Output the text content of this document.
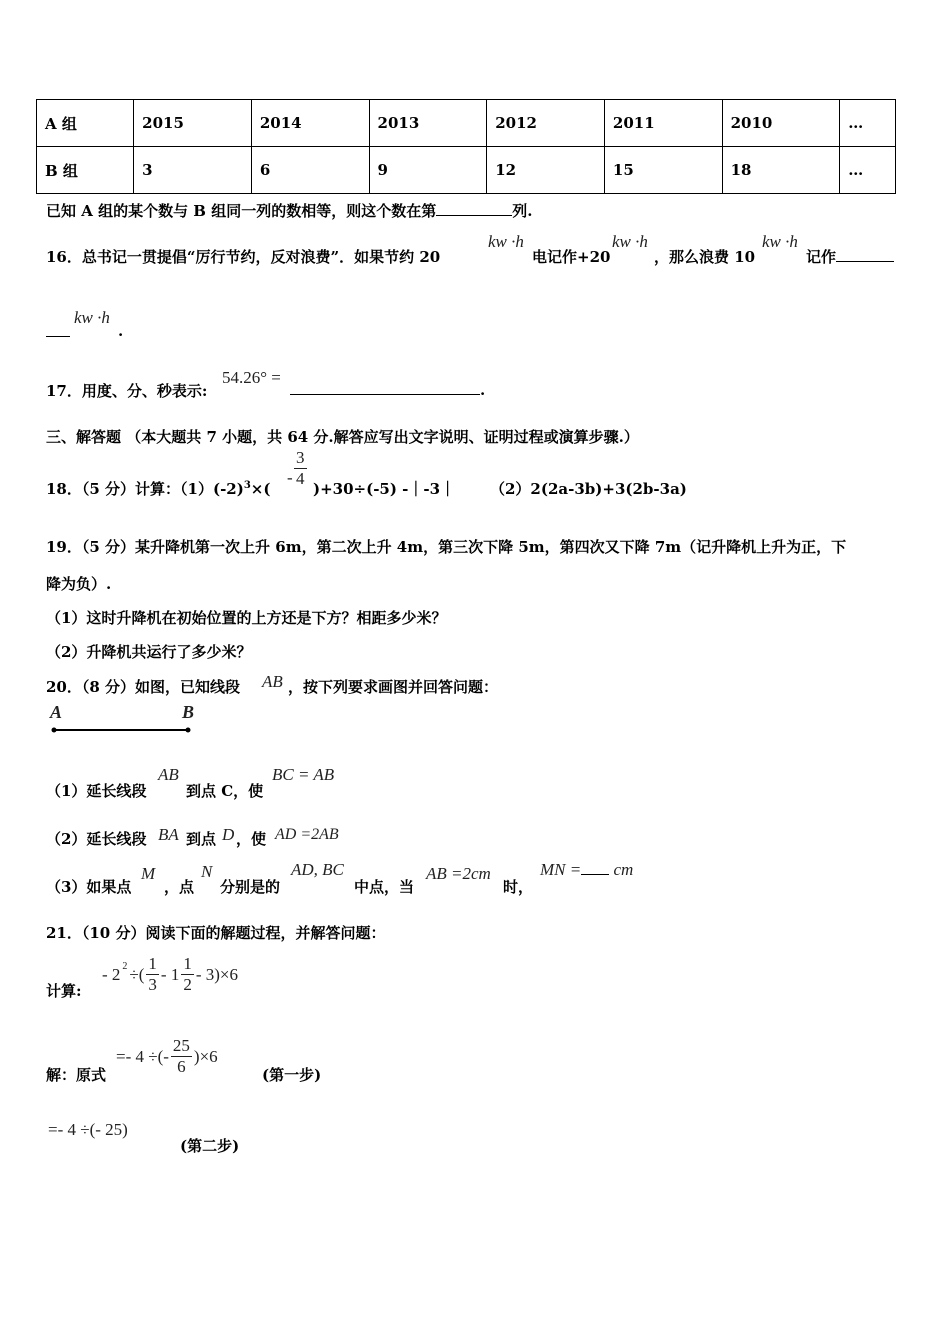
A 组	2015	2014	2013	2012	2011	2010	…
B 组	3	6	9	12	15	18	…
已知 A 组的某个数与 B 组同一列的数相等，则这个数在第	列.
16．总书记一贯提倡“厉行节约，反对浪费”．如果节约 20
kw ·h
电记作+20
kw ·h
，那么浪费 10
kw ·h
记作
kw ·h
.
17．用度、分、秒表示:
54.26° =
.
三、解答题 （本大题共 7 小题，共 64 分.解答应写出文字说明、证明过程或演算步骤.）
18．（5 分）计算：$(1)(-2)^3\times$(
- $\frac{3}{4} )+30\div(-5)$ -｜-3｜ （2）2(2a-3b)+3(2b-3a)
19．（5 分）某升降机第一次上升 6m，第二次上升 4m，第三次下降 5m，第四次又下降 7m（记升降机上升为正，下
降为负）.
（1）这时升降机在初始位置的上方还是下方？相距多少米？
（2）升降机共运行了多少米？
20．（8 分）如图，已知线段 AB ，按下列要求画图并回答问题：
A	B
（1）延长线段
AB
到点 C，使
BC = AB
（2）延长线段 BA 到点 D ，使 AD =2AB
（3）如果点
M
，点
N
分别是的
AD, BC
中点，当
AB =2cm
时，
MN = cm
21．（10 分）阅读下面的解题过程，并解答问题：
计算:
- $2^2$ ÷( $\frac{1}{3} - 1 \frac{1}{2} - 3)\times 6$
解：原式
=- 4 ÷(- $\frac{25}{6} )\times 6$
(第一步)
=- 4 ÷(- 25)
(第二步)
